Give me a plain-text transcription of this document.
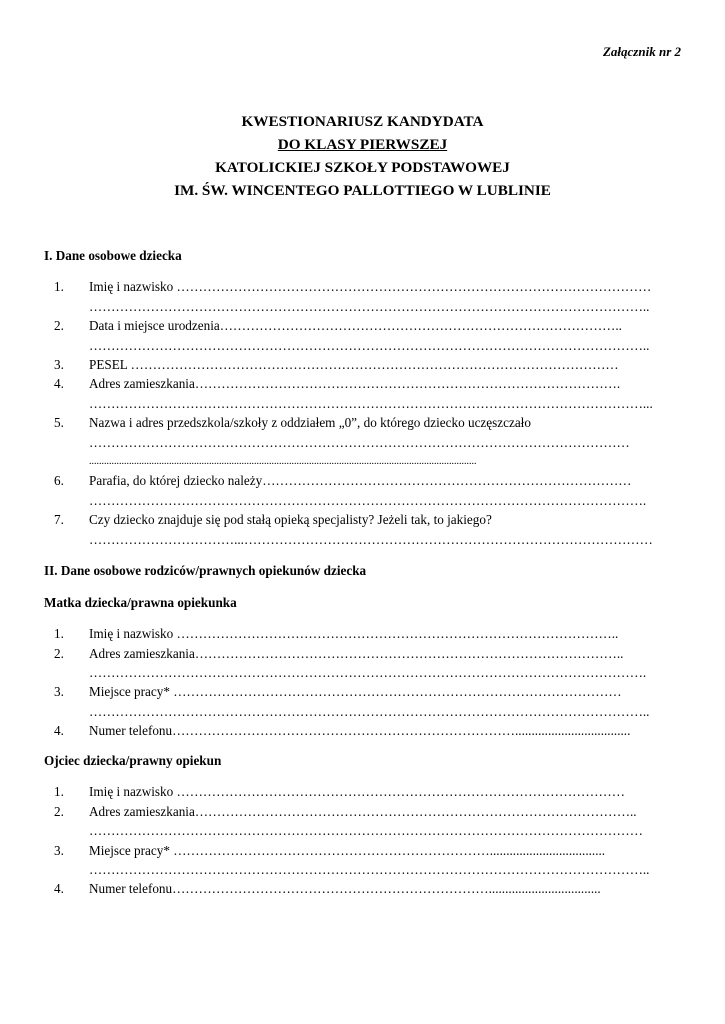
Załącznik nr 2
KWESTIONARIUSZ KANDYDATA
DO KLASY PIERWSZEJ
KATOLICKIEJ SZKOŁY PODSTAWOWEJ
IM. ŚW. WINCENTEGO PALLOTTIEGO W LUBLINIE
I. Dane osobowe dziecka
1. Imię i nazwisko ………………………………………………………………………………………………
………………………………………………………………………………………………………………..
2. Data i miejsce urodzenia………………………………………………………………………………..
………………………………………………………………………………………………………………..
3. PESEL …………………………………………………………………………………………………
4. Adres zamieszkania…………………………………………………………………………………….
………………………………………………………………………………………………………………...
5. Nazwa i adres przedszkola/szkoły z oddziałem „0”, do którego dziecko uczęszczało
……………………………………………………………………………………………………………
...........................................................................................................................................................
6. Parafia, do której dziecko należy…………………………………………………………………………
……………………………………………………………………………………………………………….
7. Czy dziecko znajduje się pod stałą opieką specjalisty? Jeżeli tak, to jakiego?
……………………………...…………………………………………………………………………………
II. Dane osobowe rodziców/prawnych opiekunów dziecka
Matka dziecka/prawna opiekunka
1. Imię i nazwisko ………………………………………………………………………………………..
2. Adres zamieszkania……………………………………………………………………………………..
……………………………………………………………………………………………………………….
3. Miejsce pracy* …………………………………………………………………………………………
………………………………………………………………………………………………………………..
4. Numer telefonu……………………………………………………………………...................................
Ojciec dziecka/prawny opiekun
1. Imię i nazwisko …………………………………………………………………………………………
2. Adres zamieszkania………………………………………………………………………………………..
………………………………………………………………………………………………………………
3. Miejsce pracy* ………………………………………………………………...................................
………………………………………………………………………………………………………………..
4. Numer telefonu………………………………………………………………..................................
